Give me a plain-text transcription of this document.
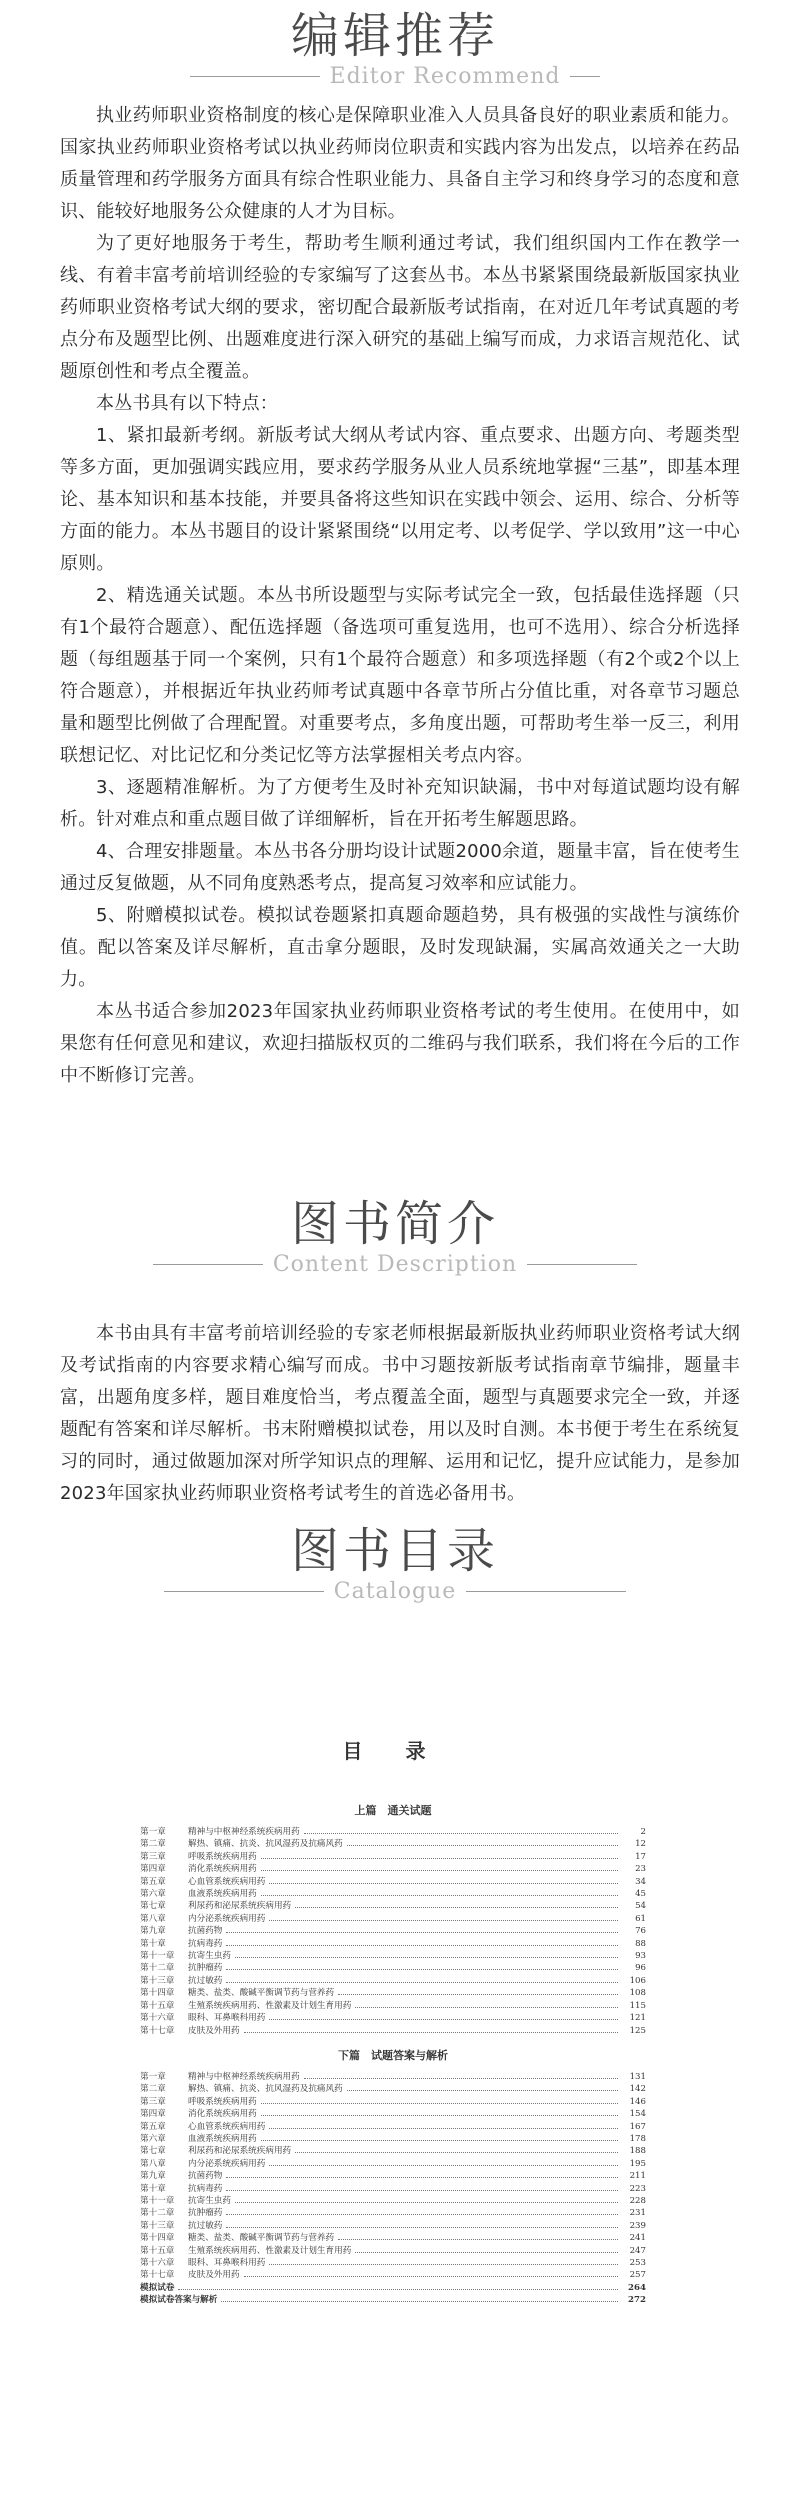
编辑推荐
Editor Recommend

执业药师职业资格制度的核心是保障职业准入人员具备良好的职业素质和能力。国家执业药师职业资格考试以执业药师岗位职责和实践内容为出发点，以培养在药品质量管理和药学服务方面具有综合性职业能力、具备自主学习和终身学习的态度和意识、能较好地服务公众健康的人才为目标。

为了更好地服务于考生，帮助考生顺利通过考试，我们组织国内工作在教学一线、有着丰富考前培训经验的专家编写了这套丛书。本丛书紧紧围绕最新版国家执业药师职业资格考试大纲的要求，密切配合最新版考试指南，在对近几年考试真题的考点分布及题型比例、出题难度进行深入研究的基础上编写而成，力求语言规范化、试题原创性和考点全覆盖。

本丛书具有以下特点：

1、紧扣最新考纲。新版考试大纲从考试内容、重点要求、出题方向、考题类型等多方面，更加强调实践应用，要求药学服务从业人员系统地掌握“三基”，即基本理论、基本知识和基本技能，并要具备将这些知识在实践中领会、运用、综合、分析等方面的能力。本丛书题目的设计紧紧围绕“以用定考、以考促学、学以致用”这一中心原则。

2、精选通关试题。本丛书所设题型与实际考试完全一致，包括最佳选择题（只有1个最符合题意）、配伍选择题（备选项可重复选用，也可不选用）、综合分析选择题（每组题基于同一个案例，只有1个最符合题意）和多项选择题（有2个或2个以上符合题意），并根据近年执业药师考试真题中各章节所占分值比重，对各章节习题总量和题型比例做了合理配置。对重要考点，多角度出题，可帮助考生举一反三，利用联想记忆、对比记忆和分类记忆等方法掌握相关考点内容。

3、逐题精准解析。为了方便考生及时补充知识缺漏，书中对每道试题均设有解析。针对难点和重点题目做了详细解析，旨在开拓考生解题思路。

4、合理安排题量。本丛书各分册均设计试题2000余道，题量丰富，旨在使考生通过反复做题，从不同角度熟悉考点，提高复习效率和应试能力。

5、附赠模拟试卷。模拟试卷题紧扣真题命题趋势，具有极强的实战性与演练价值。配以答案及详尽解析，直击拿分题眼，及时发现缺漏，实属高效通关之一大助力。

本丛书适合参加2023年国家执业药师职业资格考试的考生使用。在使用中，如果您有任何意见和建议，欢迎扫描版权页的二维码与我们联系，我们将在今后的工作中不断修订完善。

图书简介
Content Description

本书由具有丰富考前培训经验的专家老师根据最新版执业药师职业资格考试大纲及考试指南的内容要求精心编写而成。书中习题按新版考试指南章节编排，题量丰富，出题角度多样，题目难度恰当，考点覆盖全面，题型与真题要求完全一致，并逐题配有答案和详尽解析。书末附赠模拟试卷，用以及时自测。本书便于考生在系统复习的同时，通过做题加深对所学知识点的理解、运用和记忆，提升应试能力，是参加2023年国家执业药师职业资格考试考生的首选必备用书。

图书目录
Catalogue
目 录
上篇　通关试题
第一章	精神与中枢神经系统疾病用药	2
第二章	解热、镇痛、抗炎、抗风湿药及抗痛风药	12
第三章	呼吸系统疾病用药	17
第四章	消化系统疾病用药	23
第五章	心血管系统疾病用药	34
第六章	血液系统疾病用药	45
第七章	利尿药和泌尿系统疾病用药	54
第八章	内分泌系统疾病用药	61
第九章	抗菌药物	76
第十章	抗病毒药	88
第十一章	抗寄生虫药	93
第十二章	抗肿瘤药	96
第十三章	抗过敏药	106
第十四章	糖类、盐类、酸碱平衡调节药与营养药	108
第十五章	生殖系统疾病用药、性激素及计划生育用药	115
第十六章	眼科、耳鼻喉科用药	121
第十七章	皮肤及外用药	125
下篇　试题答案与解析
第一章	精神与中枢神经系统疾病用药	131
第二章	解热、镇痛、抗炎、抗风湿药及抗痛风药	142
第三章	呼吸系统疾病用药	146
第四章	消化系统疾病用药	154
第五章	心血管系统疾病用药	167
第六章	血液系统疾病用药	178
第七章	利尿药和泌尿系统疾病用药	188
第八章	内分泌系统疾病用药	195
第九章	抗菌药物	211
第十章	抗病毒药	223
第十一章	抗寄生虫药	228
第十二章	抗肿瘤药	231
第十三章	抗过敏药	239
第十四章	糖类、盐类、酸碱平衡调节药与营养药	241
第十五章	生殖系统疾病用药、性激素及计划生育用药	247
第十六章	眼科、耳鼻喉科用药	253
第十七章	皮肤及外用药	257
模拟试卷	264
模拟试卷答案与解析	272
